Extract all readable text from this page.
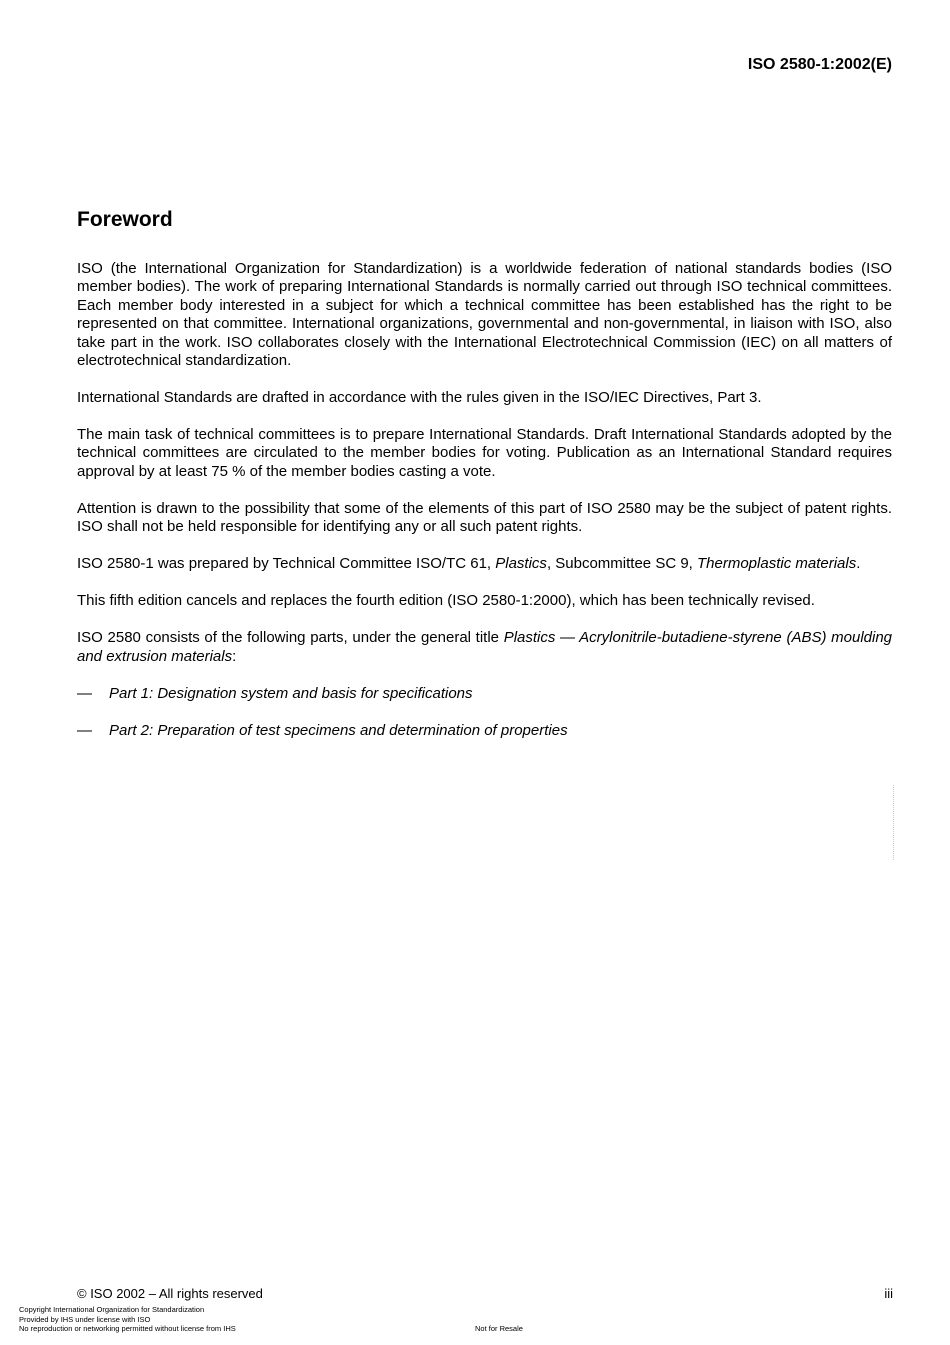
ISO 2580-1:2002(E)
Foreword

ISO (the International Organization for Standardization) is a worldwide federation of national standards bodies (ISO member bodies). The work of preparing International Standards is normally carried out through ISO technical committees. Each member body interested in a subject for which a technical committee has been established has the right to be represented on that committee. International organizations, governmental and non-governmental, in liaison with ISO, also take part in the work. ISO collaborates closely with the International Electrotechnical Commission (IEC) on all matters of electrotechnical standardization.

International Standards are drafted in accordance with the rules given in the ISO/IEC Directives, Part 3.

The main task of technical committees is to prepare International Standards. Draft International Standards adopted by the technical committees are circulated to the member bodies for voting. Publication as an International Standard requires approval by at least 75 % of the member bodies casting a vote.

Attention is drawn to the possibility that some of the elements of this part of ISO 2580 may be the subject of patent rights. ISO shall not be held responsible for identifying any or all such patent rights.

ISO 2580-1 was prepared by Technical Committee ISO/TC 61, Plastics, Subcommittee SC 9, Thermoplastic materials.

This fifth edition cancels and replaces the fourth edition (ISO 2580-1:2000), which has been technically revised.

ISO 2580 consists of the following parts, under the general title Plastics — Acrylonitrile-butadiene-styrene (ABS) moulding and extrusion materials:

—	Part 1: Designation system and basis for specifications
—	Part 2: Preparation of test specimens and determination of properties
© ISO 2002 – All rights reserved	iii
Copyright International Organization for Standardization
Provided by IHS under license with ISO
No reproduction or networking permitted without license from IHS	Not for Resale
